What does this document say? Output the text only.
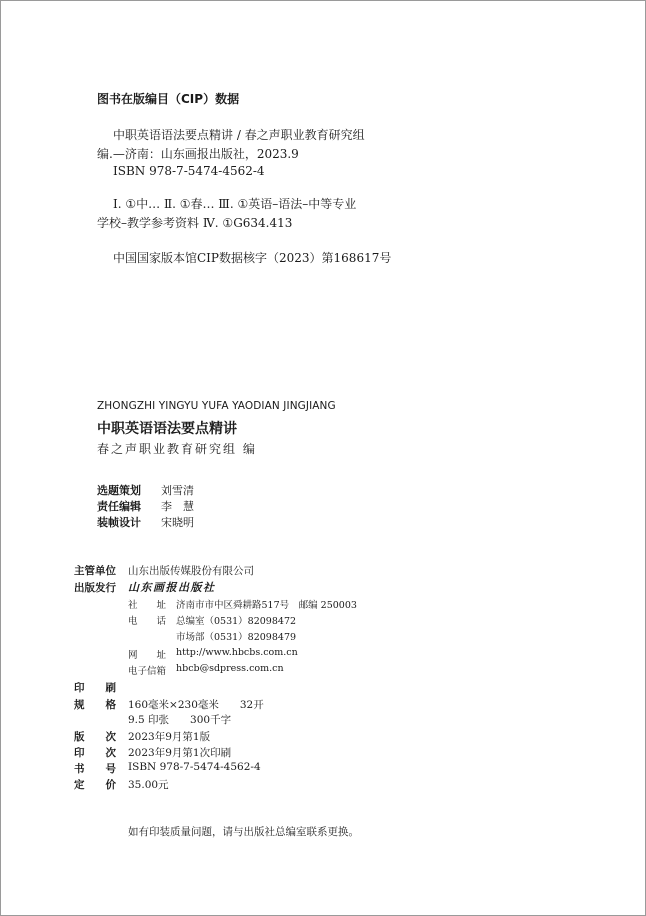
图书在版编目（CIP）数据
中职英语语法要点精讲 / 春之声职业教育研究组
编.—济南：山东画报出版社，2023.9
ISBN 978-7-5474-4562-4
Ⅰ. ①中… Ⅱ. ①春… Ⅲ. ①英语–语法–中等专业
学校–教学参考资料 Ⅳ. ①G634.413
中国国家版本馆CIP数据核字（2023）第168617号
ZHONGZHI YINGYU YUFA YAODIAN JINGJIANG
中职英语语法要点精讲
春之声职业教育研究组 编
选题策划 刘雪清
责任编辑 李　慧
装帧设计 宋晓明
主管单位 山东出版传媒股份有限公司
出版发行 山东画报出版社
社　　址 济南市市中区舜耕路517号　邮编 250003
电　　话 总编室（0531）82098472
市场部（0531）82098479
网　　址 http://www.hbcbs.com.cn
电子信箱 hbcb@sdpress.com.cn
印　　刷
规　　格 160毫米×230毫米　　32开
9.5 印张　　300千字
版　　次 2023年9月第1版
印　　次 2023年9月第1次印刷
书　　号 ISBN 978-7-5474-4562-4
定　　价 35.00元
如有印装质量问题，请与出版社总编室联系更换。
